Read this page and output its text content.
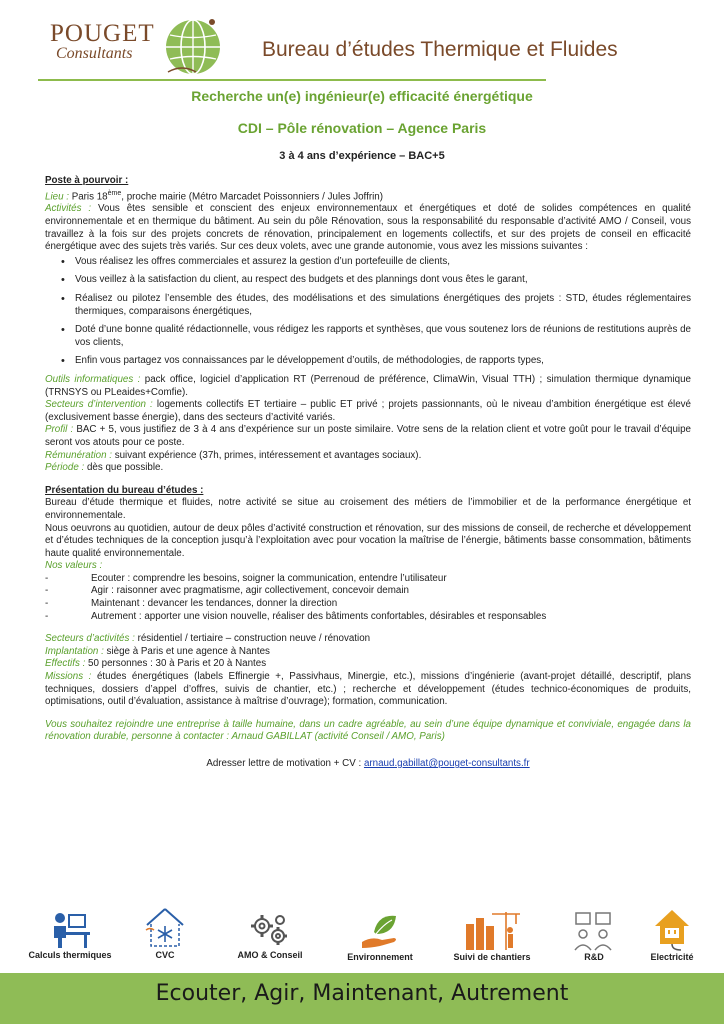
POUGET
Consultants	Bureau d’études Thermique et Fluides
Recherche un(e) ingénieur(e) efficacité énergétique
CDI – Pôle rénovation – Agence Paris
3 à 4 ans d’expérience – BAC+5
Poste à pourvoir :

Lieu : Paris 18ème, proche mairie (Métro Marcadet Poissonniers / Jules Joffrin)

Activités : Vous êtes sensible et conscient des enjeux environnementaux et énergétiques et doté de solides compétences en qualité environnementale et en thermique du bâtiment. Au sein du pôle Rénovation, sous la responsabilité du responsable d’activité AMO / Conseil, vous travaillez à la fois sur des projets concrets de rénovation, principalement en logements collectifs, et sur des projets de conseil en efficacité énergétique avec des sujets très variés. Sur ces deux volets, avec une grande autonomie, vous avez les missions suivantes :

• Vous réalisez les offres commerciales et assurez la gestion d’un portefeuille de clients,
• Vous veillez à la satisfaction du client, au respect des budgets et des plannings dont vous êtes le garant,
• Réalisez ou pilotez l’ensemble des études, des modélisations et des simulations énergétiques des projets : STD, études réglementaires thermiques, comparaisons énergétiques,
• Doté d’une bonne qualité rédactionnelle, vous rédigez les rapports et synthèses, que vous soutenez lors de réunions de restitutions auprès de vos clients,
• Enfin vous partagez vos connaissances par le développement d’outils, de méthodologies, de rapports types,

Outils informatiques : pack office, logiciel d’application RT (Perrenoud de préférence, ClimaWin, Visual TTH) ; simulation thermique dynamique (TRNSYS ou PLeaides+Comfie).

Secteurs d’intervention : logements collectifs ET tertiaire – public ET privé ; projets passionnants, où le niveau d’ambition énergétique est élevé (exclusivement basse énergie), dans des secteurs d’activité variés.

Profil : BAC + 5, vous justifiez de 3 à 4 ans d’expérience sur un poste similaire. Votre sens de la relation client et votre goût pour le travail d’équipe seront vos atouts pour ce poste.

Rémunération : suivant expérience (37h, primes, intéressement et avantages sociaux).

Période : dès que possible.

Présentation du bureau d’études :

Bureau d’étude thermique et fluides, notre activité se situe au croisement des métiers de l’immobilier et de la performance énergétique et environnementale.

Nous oeuvrons au quotidien, autour de deux pôles d’activité construction et rénovation, sur des missions de conseil, de recherche et développement et d’études techniques de la conception jusqu’à l’exploitation avec pour vocation la maîtrise de l’énergie, bâtiments basse consommation, bâtiments haute qualité environnementale.

Nos valeurs :
- Ecouter : comprendre les besoins, soigner la communication, entendre l’utilisateur
- Agir : raisonner avec pragmatisme, agir collectivement, concevoir demain
- Maintenant : devancer les tendances, donner la direction
- Autrement : apporter une vision nouvelle, réaliser des bâtiments confortables, désirables et responsables

Secteurs d’activités : résidentiel / tertiaire – construction neuve / rénovation

Implantation : siège à Paris et une agence à Nantes

Effectifs : 50 personnes : 30 à Paris et 20 à Nantes

Missions : études énergétiques (labels Effinergie +, Passivhaus, Minergie, etc.), missions d’ingénierie (avant-projet détaillé, descriptif, plans techniques, dossiers d’appel d’offres, suivis de chantier, etc.) ; recherche et développement (études technico-économiques de produits, optimisations, outil d’évaluation, assistance à maîtrise d’ouvrage); formation, communication.

Vous souhaitez rejoindre une entreprise à taille humaine, dans un cadre agréable, au sein d’une équipe dynamique et conviviale, engagée dans la rénovation durable, personne à contacter : Arnaud GABILLAT (activité Conseil / AMO, Paris)

Adresser lettre de motivation + CV : arnaud.gabillat@pouget-consultants.fr
Calculs thermiques	CVC	AMO & Conseil	Environnement	Suivi de chantiers	R&D	Electricité
Ecouter, Agir, Maintenant, Autrement
